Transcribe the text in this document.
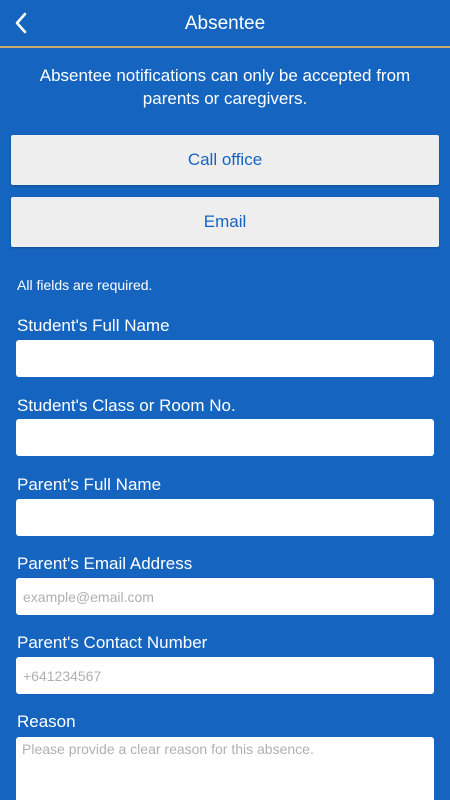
Absentee
Absentee notifications can only be accepted from parents or caregivers.
Call office
Email
All fields are required.
Student's Full Name
Student's Class or Room No.
Parent's Full Name
Parent's Email Address
example@email.com
Parent's Contact Number
+641234567
Reason
Please provide a clear reason for this absence.
